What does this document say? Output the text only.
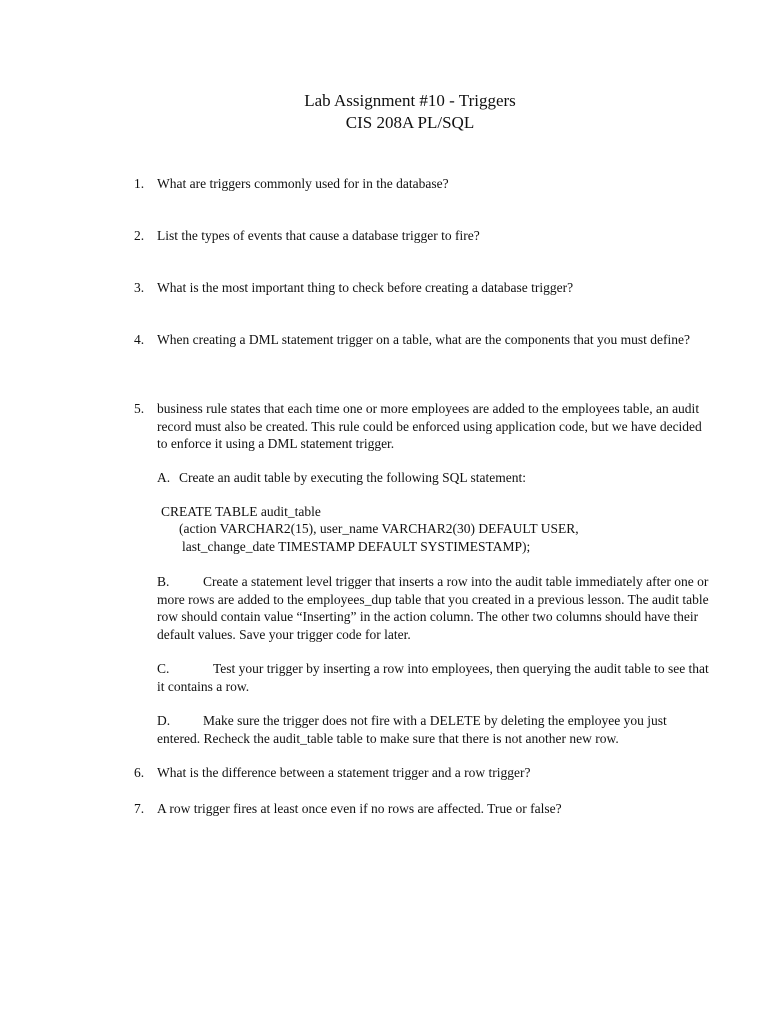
Lab Assignment #10 - Triggers
CIS 208A PL/SQL
1. What are triggers commonly used for in the database?
2. List the types of events that cause a database trigger to fire?
3. What is the most important thing to check before creating a database trigger?
4. When creating a DML statement trigger on a table, what are the components that you must define?
5. business rule states that each time one or more employees are added to the employees table, an audit record must also be created. This rule could be enforced using application code, but we have decided to enforce it using a DML statement trigger.
A. Create an audit table by executing the following SQL statement:
CREATE TABLE audit_table
(action VARCHAR2(15), user_name VARCHAR2(30) DEFAULT USER,
last_change_date TIMESTAMP DEFAULT SYSTIMESTAMP);
B. Create a statement level trigger that inserts a row into the audit table immediately after one or more rows are added to the employees_dup table that you created in a previous lesson. The audit table row should contain value “Inserting” in the action column. The other two columns should have their default values. Save your trigger code for later.
C.	Test your trigger by inserting a row into employees, then querying the audit table to see that it contains a row.
D. Make sure the trigger does not fire with a DELETE by deleting the employee you just entered. Recheck the audit_table table to make sure that there is not another new row.
6. What is the difference between a statement trigger and a row trigger?
7. A row trigger fires at least once even if no rows are affected. True or false?
